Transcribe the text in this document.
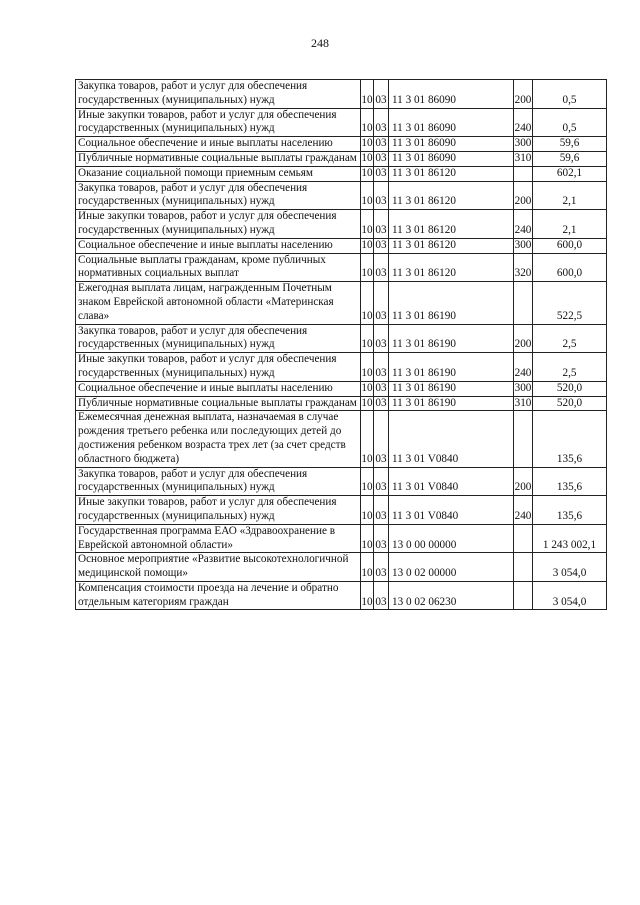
248
Закупка товаров, работ и услуг для обеспечения государственных (муниципальных) нужд	10	03	11 3 01 86090	200	0,5
Иные закупки товаров, работ и услуг для обеспечения государственных (муниципальных) нужд	10	03	11 3 01 86090	240	0,5
Социальное обеспечение и иные выплаты населению	10	03	11 3 01 86090	300	59,6
Публичные нормативные социальные выплаты гражданам	10	03	11 3 01 86090	310	59,6
Оказание социальной помощи приемным семьям	10	03	11 3 01 86120		602,1
Закупка товаров, работ и услуг для обеспечения государственных (муниципальных) нужд	10	03	11 3 01 86120	200	2,1
Иные закупки товаров, работ и услуг для обеспечения государственных (муниципальных) нужд	10	03	11 3 01 86120	240	2,1
Социальное обеспечение и иные выплаты населению	10	03	11 3 01 86120	300	600,0
Социальные выплаты гражданам, кроме публичных нормативных социальных выплат	10	03	11 3 01 86120	320	600,0
Ежегодная выплата лицам, награжденным Почетным знаком Еврейской автономной области «Материнская слава»	10	03	11 3 01 86190		522,5
Закупка товаров, работ и услуг для обеспечения государственных (муниципальных) нужд	10	03	11 3 01 86190	200	2,5
Иные закупки товаров, работ и услуг для обеспечения государственных (муниципальных) нужд	10	03	11 3 01 86190	240	2,5
Социальное обеспечение и иные выплаты населению	10	03	11 3 01 86190	300	520,0
Публичные нормативные социальные выплаты гражданам	10	03	11 3 01 86190	310	520,0
Ежемесячная денежная выплата, назначаемая в случае рождения третьего ребенка или последующих детей до достижения ребенком возраста трех лет (за счет средств областного бюджета)	10	03	11 3 01 V0840		135,6
Закупка товаров, работ и услуг для обеспечения государственных (муниципальных) нужд	10	03	11 3 01 V0840	200	135,6
Иные закупки товаров, работ и услуг для обеспечения государственных (муниципальных) нужд	10	03	11 3 01 V0840	240	135,6
Государственная программа ЕАО «Здравоохранение в Еврейской автономной области»	10	03	13 0 00 00000		1 243 002,1
Основное мероприятие «Развитие высокотехнологичной медицинской помощи»	10	03	13 0 02 00000		3 054,0
Компенсация стоимости проезда на лечение и обратно отдельным категориям граждан	10	03	13 0 02 06230		3 054,0
